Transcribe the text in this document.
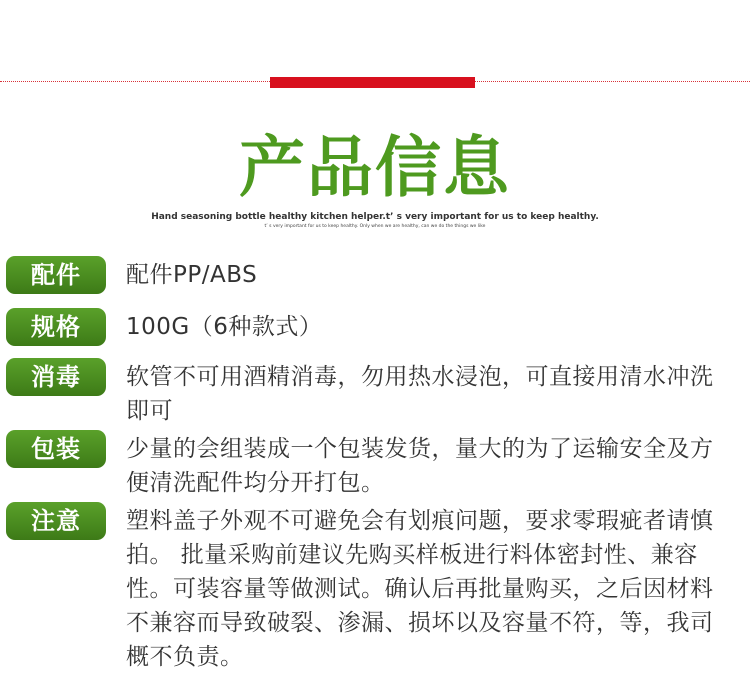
产品信息
Hand seasoning bottle healthy kitchen helper.t’ s very important for us to keep healthy.
t’ s very important for us to keep healthy. Only when we are healthy, can we do the things we like
配件	配件PP/ABS
规格	100G（6种款式）
消毒	软管不可用酒精消毒，勿用热水浸泡，可直接用清水冲洗即可
包装	少量的会组装成一个包装发货，量大的为了运输安全及方便清洗配件均分开打包。
注意	塑料盖子外观不可避免会有划痕问题，要求零瑕疵者请慎拍。 批量采购前建议先购买样板进行料体密封性、兼容性。可装容量等做测试。确认后再批量购买，之后因材料不兼容而导致破裂、渗漏、损坏以及容量不符，等，我司概不负责。
